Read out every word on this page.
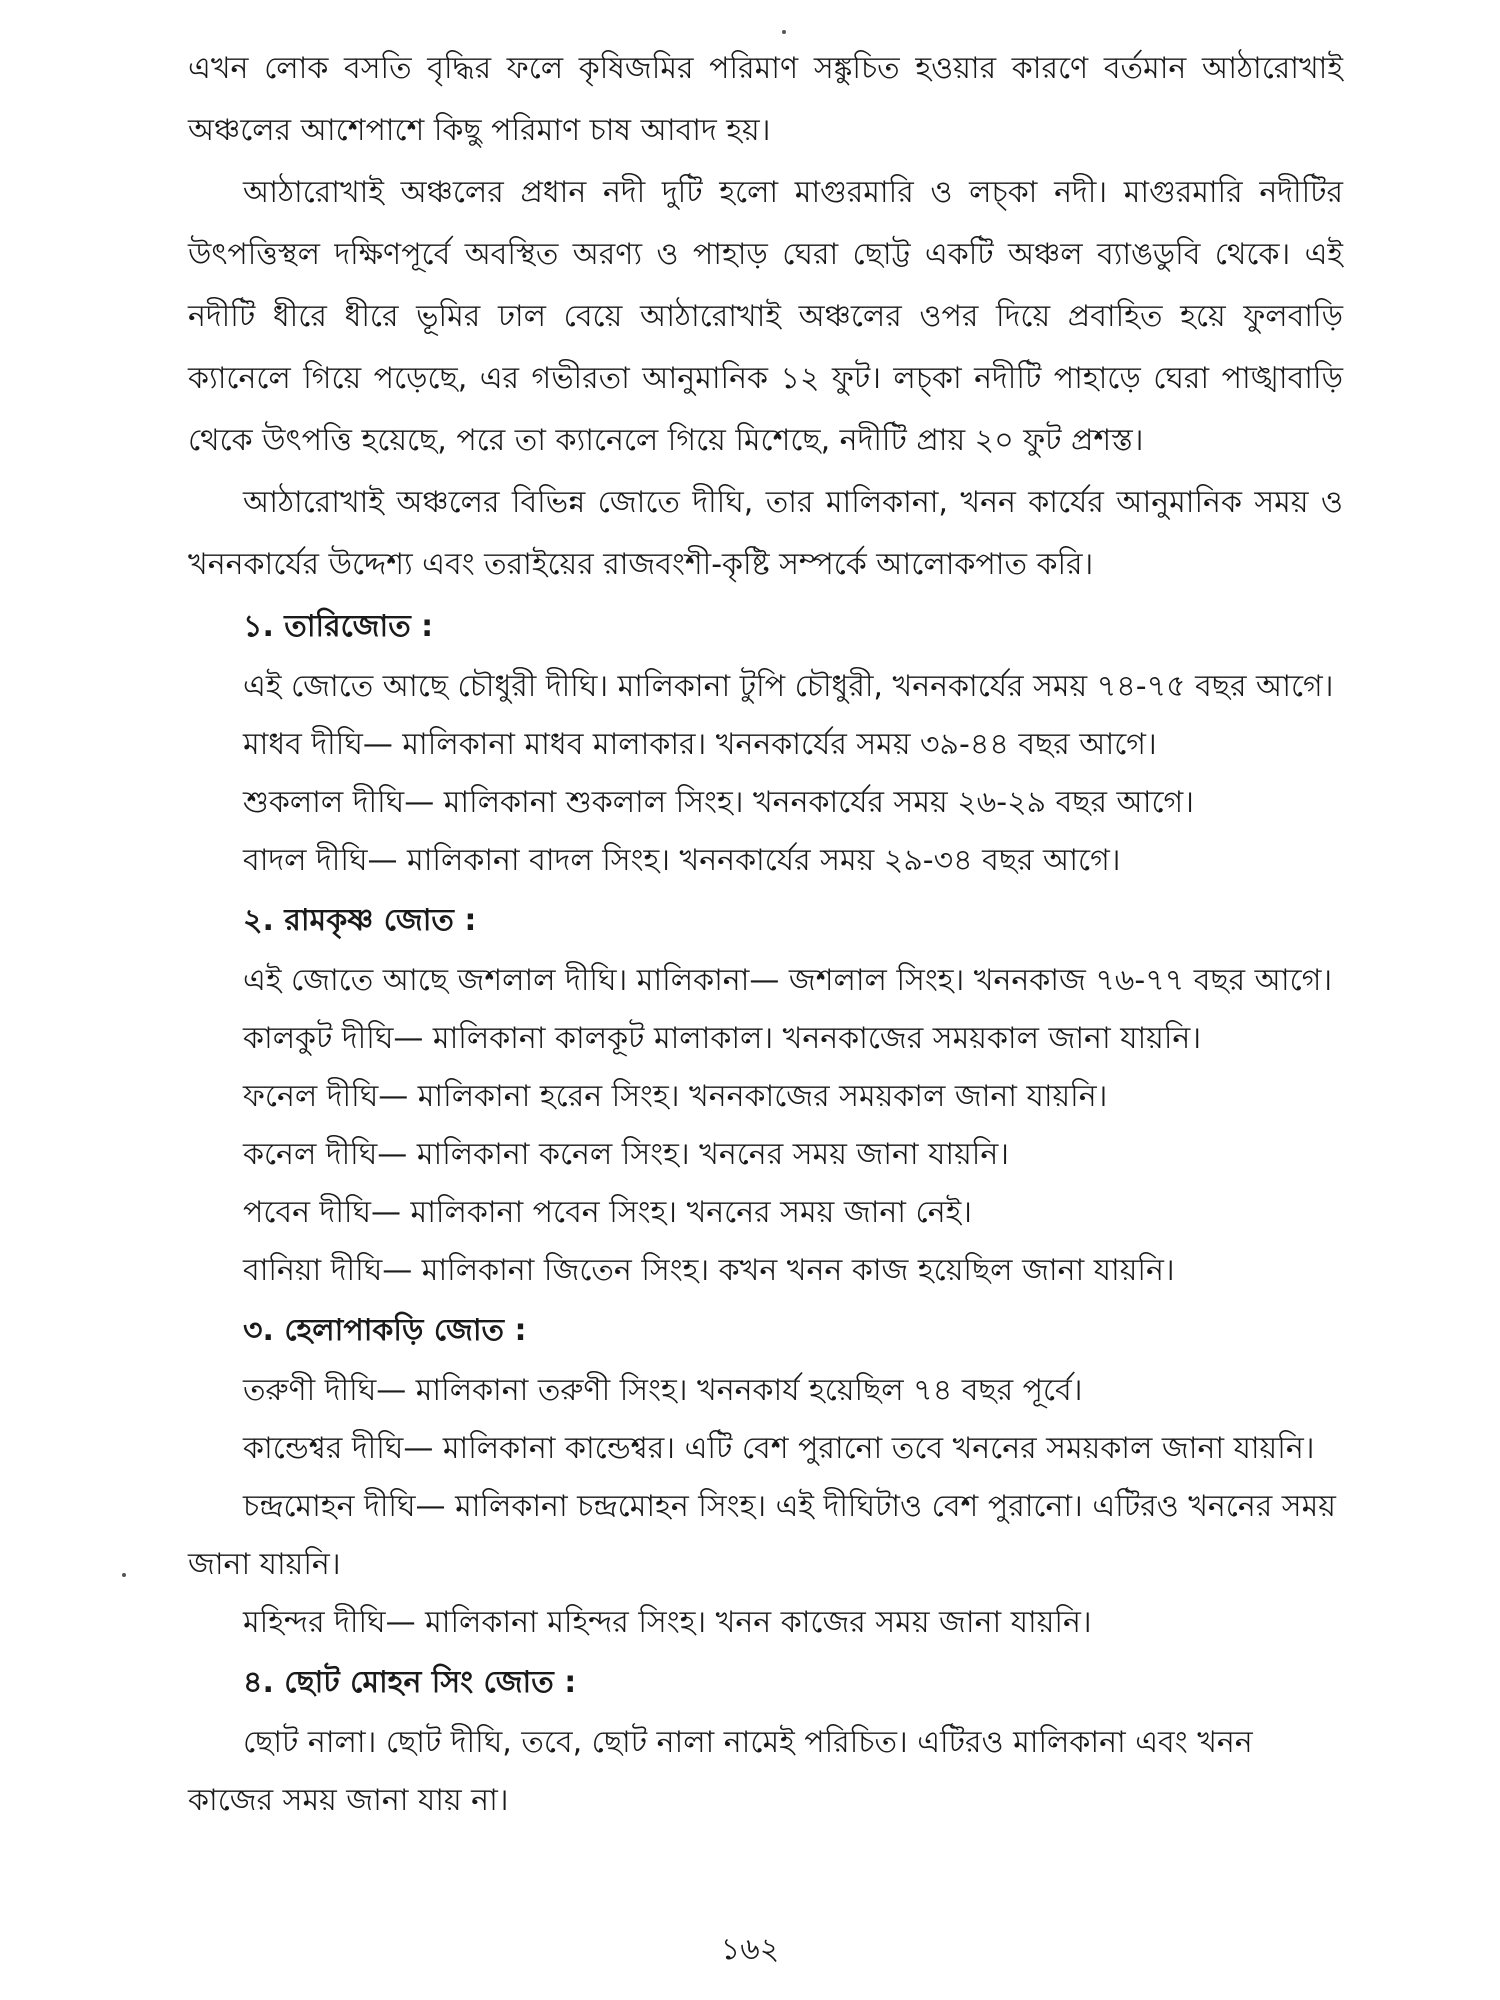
এখন লোক বসতি বৃদ্ধির ফলে কৃষিজমির পরিমাণ সঙ্কুচিত হওয়ার কারণে বর্তমান আঠারোখাই অঞ্চলের আশেপাশে কিছু পরিমাণ চাষ আবাদ হয়।

আঠারোখাই অঞ্চলের প্রধান নদী দুটি হলো মাগুরমারি ও লচ্‌কা নদী। মাগুরমারি নদীটির উৎপত্তিস্থল দক্ষিণপূর্বে অবস্থিত অরণ্য ও পাহাড় ঘেরা ছোট্ট একটি অঞ্চল ব্যাঙডুবি থেকে। এই নদীটি ধীরে ধীরে ভূমির ঢাল বেয়ে আঠারোখাই অঞ্চলের ওপর দিয়ে প্রবাহিত হয়ে ফুলবাড়ি ক্যানেলে গিয়ে পড়েছে, এর গভীরতা আনুমানিক ১২ ফুট। লচ্‌কা নদীটি পাহাড়ে ঘেরা পাঙ্খাবাড়ি থেকে উৎপত্তি হয়েছে, পরে তা ক্যানেলে গিয়ে মিশেছে, নদীটি প্রায় ২০ ফুট প্রশস্ত।

আঠারোখাই অঞ্চলের বিভিন্ন জোতে দীঘি, তার মালিকানা, খনন কার্যের আনুমানিক সময় ও খননকার্যের উদ্দেশ্য এবং তরাইয়ের রাজবংশী-কৃষ্টি সম্পর্কে আলোকপাত করি।

১. তারিজোত :

এই জোতে আছে চৌধুরী দীঘি। মালিকানা টুপি চৌধুরী, খননকার্যের সময় ৭৪-৭৫ বছর আগে।

মাধব দীঘি— মালিকানা মাধব মালাকার। খননকার্যের সময় ৩৯-৪৪ বছর আগে।

শুকলাল দীঘি— মালিকানা শুকলাল সিংহ। খননকার্যের সময় ২৬-২৯ বছর আগে।

বাদল দীঘি— মালিকানা বাদল সিংহ। খননকার্যের সময় ২৯-৩৪ বছর আগে।

২. রামকৃষ্ণ জোত :

এই জোতে আছে জশলাল দীঘি। মালিকানা— জশলাল সিংহ। খননকাজ ৭৬-৭৭ বছর আগে।

কালকুট দীঘি— মালিকানা কালকূট মালাকাল। খননকাজের সময়কাল জানা যায়নি।

ফনেল দীঘি— মালিকানা হরেন সিংহ। খননকাজের সময়কাল জানা যায়নি।

কনেল দীঘি— মালিকানা কনেল সিংহ। খননের সময় জানা যায়নি।

পবেন দীঘি— মালিকানা পবেন সিংহ। খননের সময় জানা নেই।

বানিয়া দীঘি— মালিকানা জিতেন সিংহ। কখন খনন কাজ হয়েছিল জানা যায়নি।

৩. হেলাপাকড়ি জোত :

তরুণী দীঘি— মালিকানা তরুণী সিংহ। খননকার্য হয়েছিল ৭৪ বছর পূর্বে।

কান্ডেশ্বর দীঘি— মালিকানা কান্ডেশ্বর। এটি বেশ পুরানো তবে খননের সময়কাল জানা যায়নি।

চন্দ্রমোহন দীঘি— মালিকানা চন্দ্রমোহন সিংহ। এই দীঘিটাও বেশ পুরানো। এটিরও খননের সময় জানা যায়নি।

মহিন্দর দীঘি— মালিকানা মহিন্দর সিংহ। খনন কাজের সময় জানা যায়নি।

৪. ছোট মোহন সিং জোত :

ছোট নালা। ছোট দীঘি, তবে, ছোট নালা নামেই পরিচিত। এটিরও মালিকানা এবং খনন কাজের সময় জানা যায় না।

১৬২
